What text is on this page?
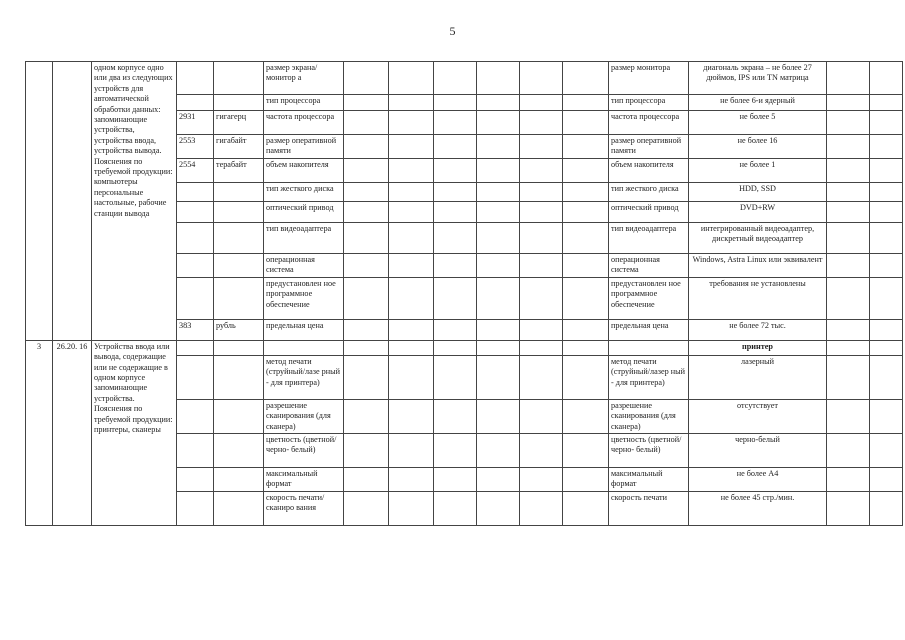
5
		одном корпусе одно или два из следующих устройств для автоматической обработки данных: запоминающие устройства, устройства ввода, устройства вывода. Пояснения по требуемой продукции: компьютеры персональные настольные, рабочие станции вывода			размер экрана/монитор а							размер монитора	диагональ экрана – не более 27 дюймов, IPS или TN матрица		
					тип процессора							тип процессора	не более 6-и ядерный		
			2931	гигагерц	частота процессора							частота процессора	не более 5		
			2553	гигабайт	размер оперативной памяти							размер оперативной памяти	не более 16		
			2554	терабайт	объем накопителя							объем накопителя	не более 1		
					тип жесткого диска							тип жесткого диска	HDD, SSD		
					оптический привод							оптический привод	DVD+RW		
					тип видеоадаптера							тип видеоадаптера	интегрированный видеоадаптер, дискретный видеоадаптер		
					операционная система							операционная система	Windows, Astra Linux или эквивалент		
					предустановлен ное программное обеспечение							предустановлен ное программное обеспечение	требования не установлены		
			383	рубль	предельная цена							предельная цена	не более 72 тыс.		
3	26.20. 16	Устройства ввода или вывода, содержащие или не содержащие в одном корпусе запоминающие устройства. Пояснения по требуемой продукции: принтеры, сканеры											принтер		
					метод печати (струйный/лазе рный - для принтера)							метод печати (струйный/лазер ный - для принтера)	лазерный		
					разрешение сканирования (для сканера)							разрешение сканирования (для сканера)	отсутствует		
					цветность (цветной/черно- белый)							цветность (цветной/черно- белый)	черно-белый		
					максимальный формат							максимальный формат	не более А4		
					скорость печати/сканиро вания							скорость печати	не более 45 стр./мин.		
